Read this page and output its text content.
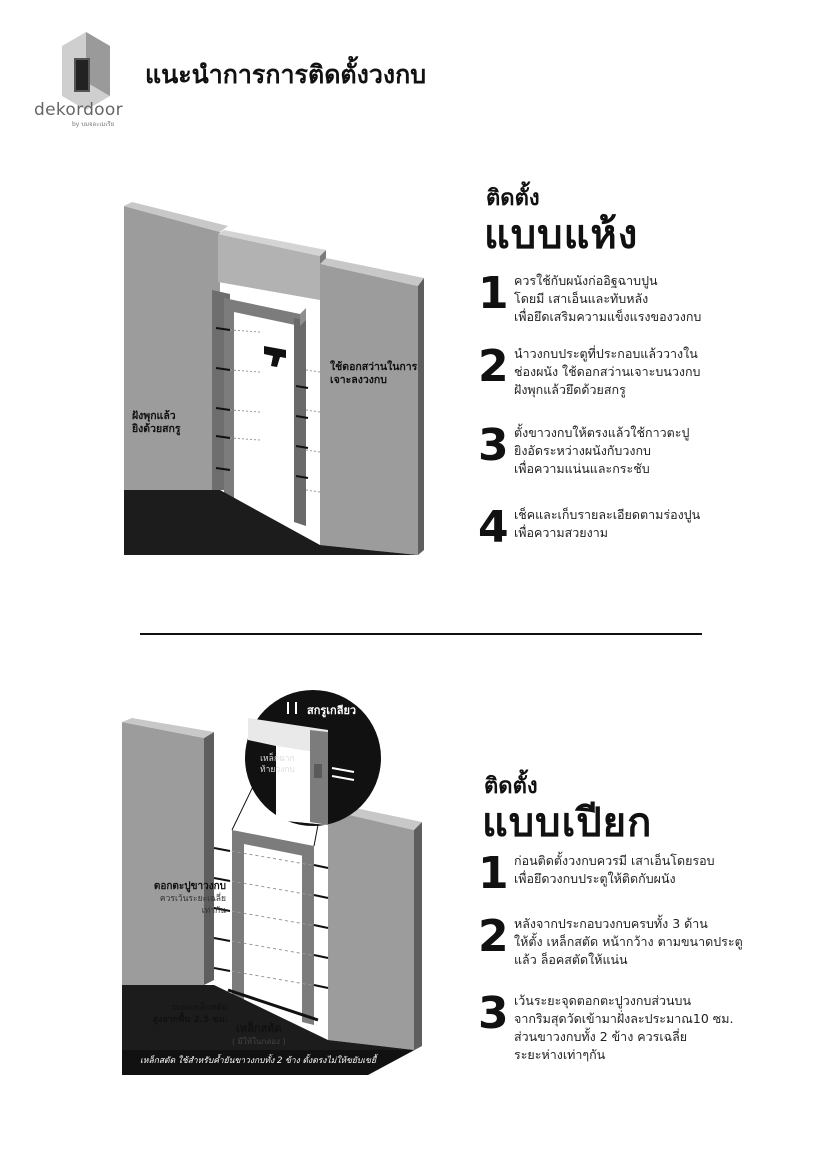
dekordoor
by บมจอะเมเรีย
แนะนำการการติดตั้งวงกบ
ฝังพุกแล้ว
ยิงด้วยสกรู
ใช้ดอกสว่านในการ
เจาะลงวงกบ
ติดตั้ง
แบบแห้ง
1 ควรใช้กับผนังก่ออิฐฉาบปูน
โดยมี เสาเอ็นและทับหลัง
เพื่อยึดเสริมความแข็งแรงของวงกบ
2 นำวงกบประตูที่ประกอบแล้ววางใน
ช่องผนัง ใช้ดอกสว่านเจาะบนวงกบ
ฝังพุกแล้วยึดด้วยสกรู
3 ตั้งขาวงกบให้ตรงแล้วใช้กาวตะปู
ยิงอัดระหว่างผนังกับวงกบ
เพื่อความแน่นและกระชับ
4 เช็คและเก็บรายละเอียดตามร่องปูน
เพื่อความสวยงาม
สกรูเกลียว
เหล็กฉาก
ท้ายวงกบ
ตอกตะปูขาวงกบ
ควรเว้นระยะเฉลี่ย
เท่ากัน
ระยะเหล็กสตัด
สูงจากพื้น 2.5 ซม.
เหล็กสตัด
( มีให้ในกล่อง )
เหล็กสตัด ใช้สำหรับค้ำยันขาวงกบทั้ง 2 ข้าง ตั้งตรงไม่ให้ขยับเขยื้
ติดตั้ง
แบบเปียก
1 ก่อนติดตั้งวงกบควรมี เสาเอ็นโดยรอบ
เพื่อยึดวงกบประตูให้ติดกับผนัง
2 หลังจากประกอบวงกบครบทั้ง 3 ด้าน
ให้ตั้ง เหล็กสตัด หน้ากว้าง ตามขนาดประตู
แล้ว ล็อคสตัดให้แน่น
3 เว้นระยะจุดตอกตะปูวงกบส่วนบน
จากริมสุดวัดเข้ามาฝั่งละประมาณ10 ซม.
ส่วนขาวงกบทั้ง 2 ข้าง ควรเฉลี่ย
ระยะห่างเท่าๆกัน
